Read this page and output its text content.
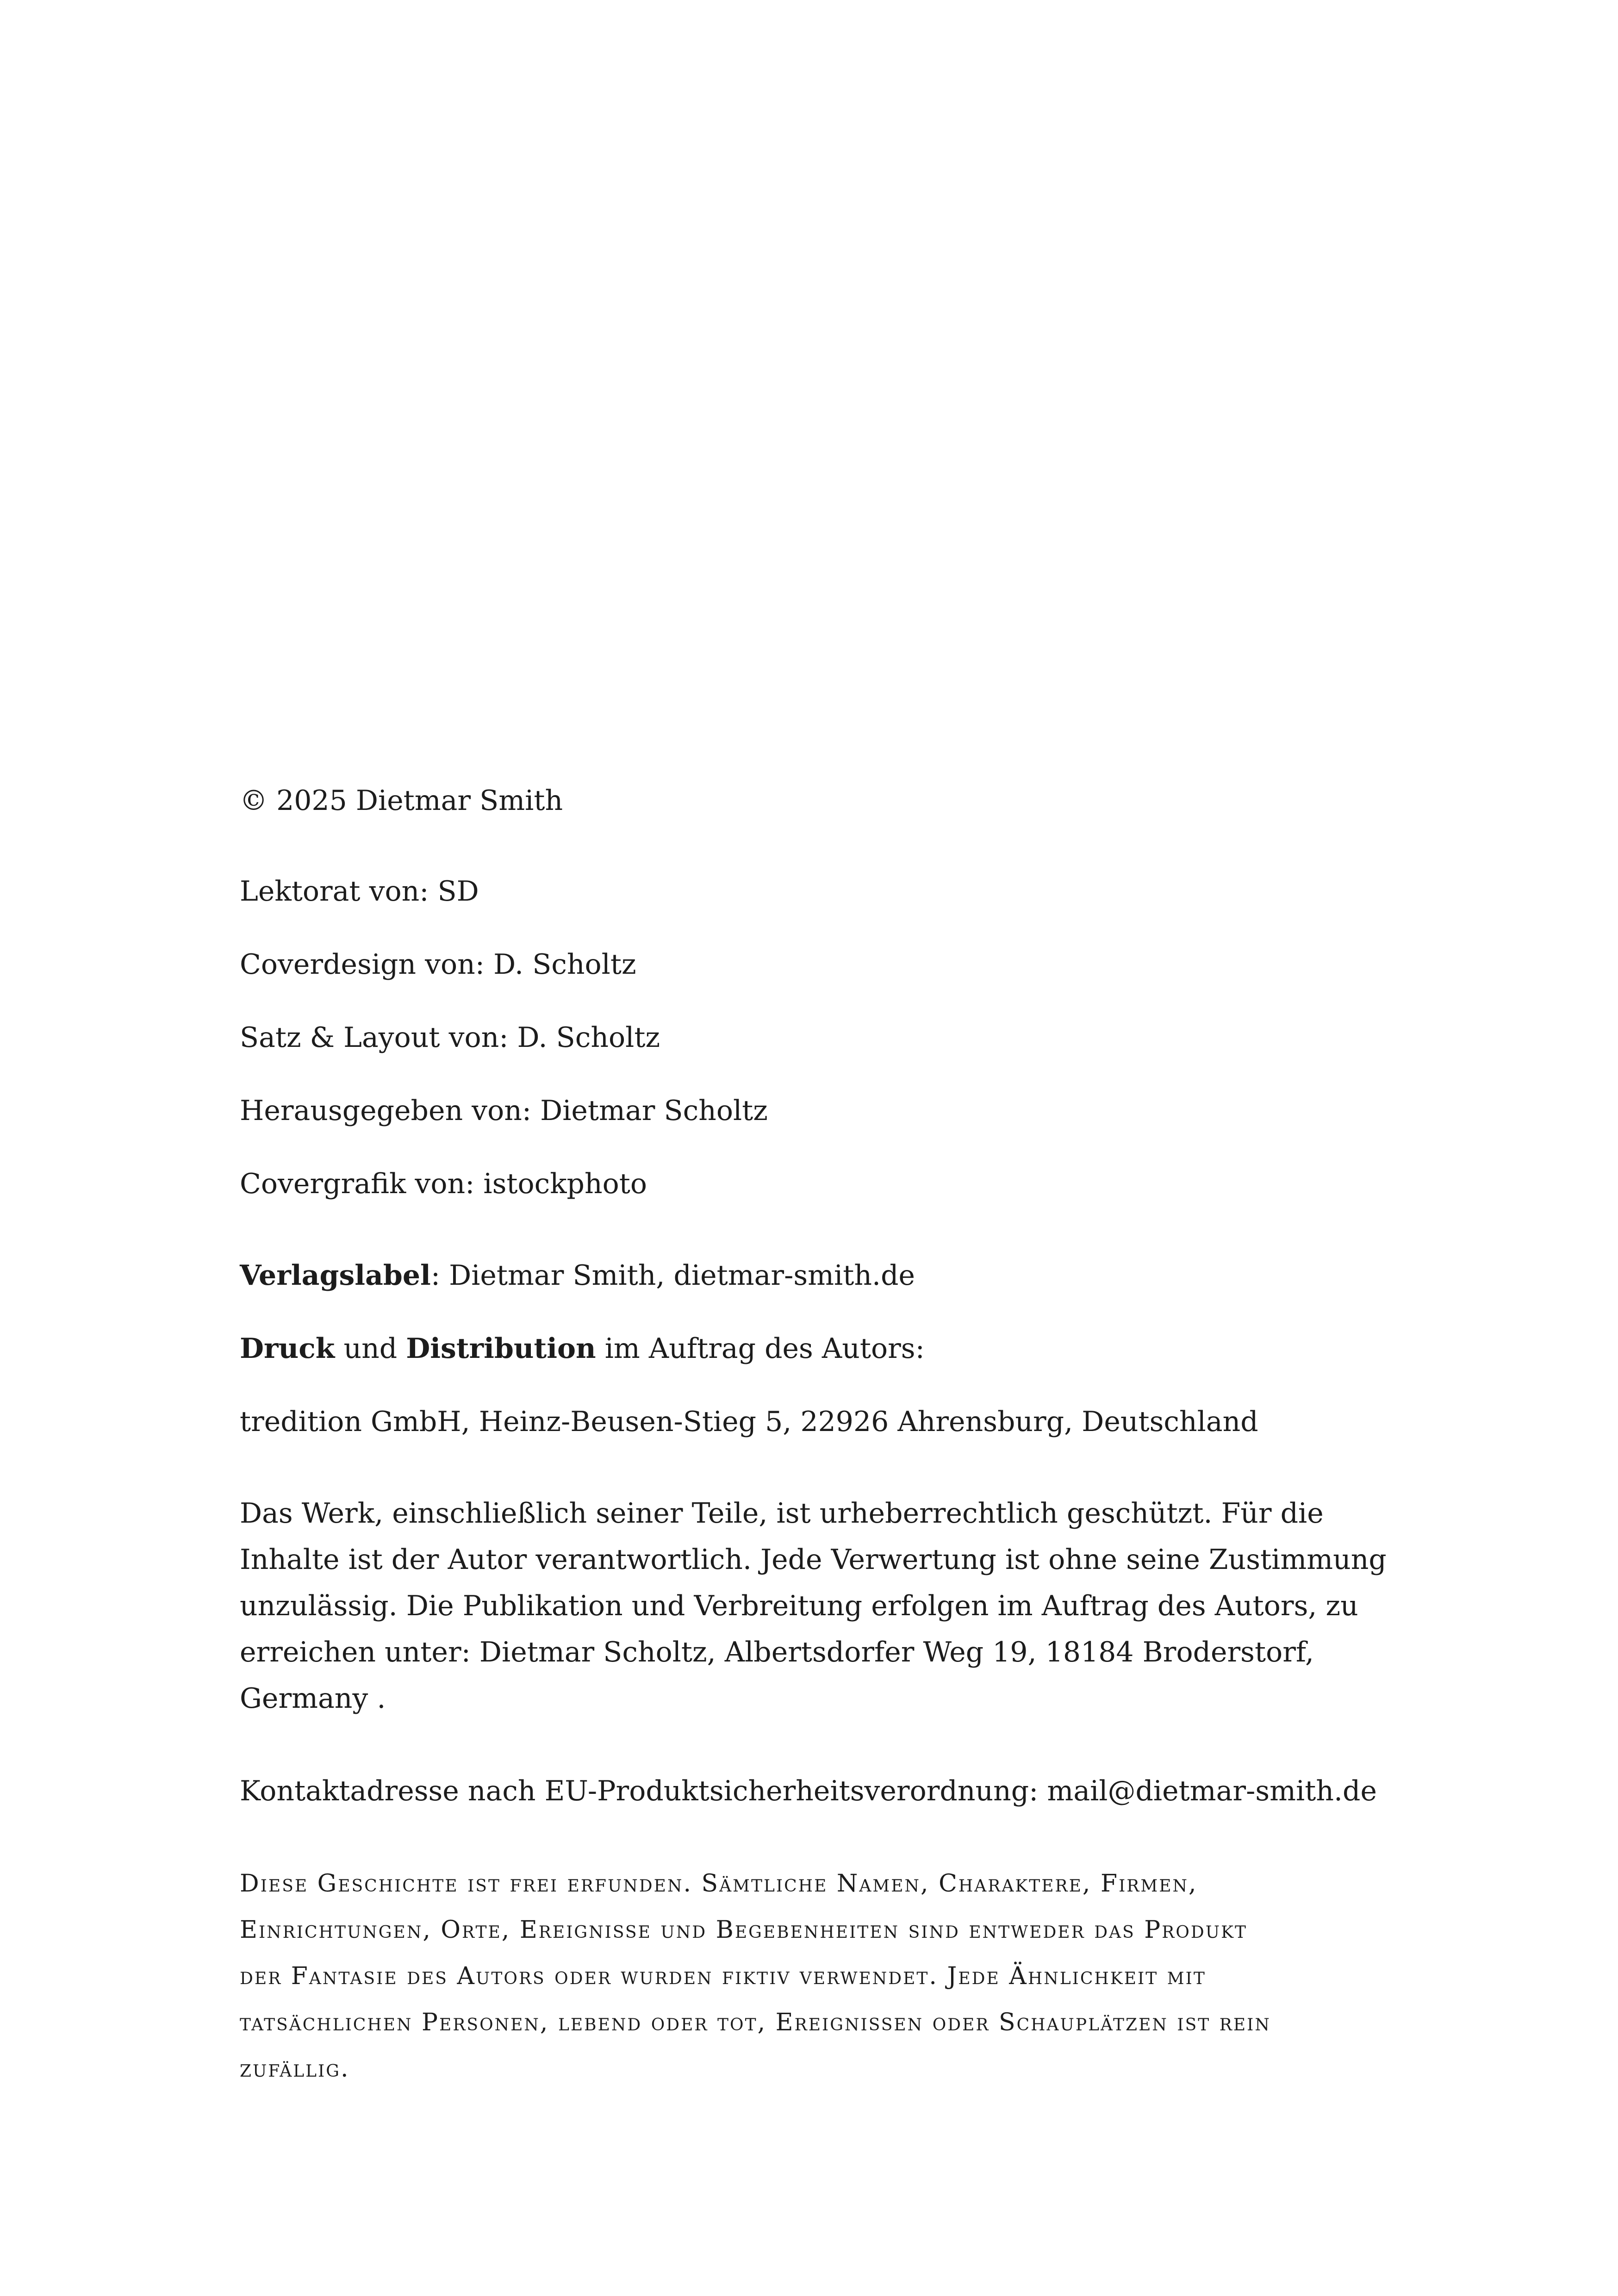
© 2025 Dietmar Smith

Lektorat von: SD

Coverdesign von: D. Scholtz

Satz & Layout von: D. Scholtz

Herausgegeben von: Dietmar Scholtz

Covergrafik von: istockphoto

Verlagslabel: Dietmar Smith, dietmar-smith.de

Druck und Distribution im Auftrag des Autors:

tredition GmbH, Heinz-Beusen-Stieg 5, 22926 Ahrensburg, Deutschland

Das Werk, einschließlich seiner Teile, ist urheberrechtlich geschützt. Für die

Inhalte ist der Autor verantwortlich. Jede Verwertung ist ohne seine Zustimmung

unzulässig. Die Publikation und Verbreitung erfolgen im Auftrag des Autors, zu

erreichen unter: Dietmar Scholtz, Albertsdorfer Weg 19, 18184 Broderstorf,

Germany .

Kontaktadresse nach EU-Produktsicherheitsverordnung: mail@dietmar-smith.de

Diese Geschichte ist frei erfunden. Sämtliche Namen, Charaktere, Firmen,

Einrichtungen, Orte, Ereignisse und Begebenheiten sind entweder das Produkt

der Fantasie des Autors oder wurden fiktiv verwendet. Jede Ähnlichkeit mit

tatsächlichen Personen, lebend oder tot, Ereignissen oder Schauplätzen ist rein

zufällig.
